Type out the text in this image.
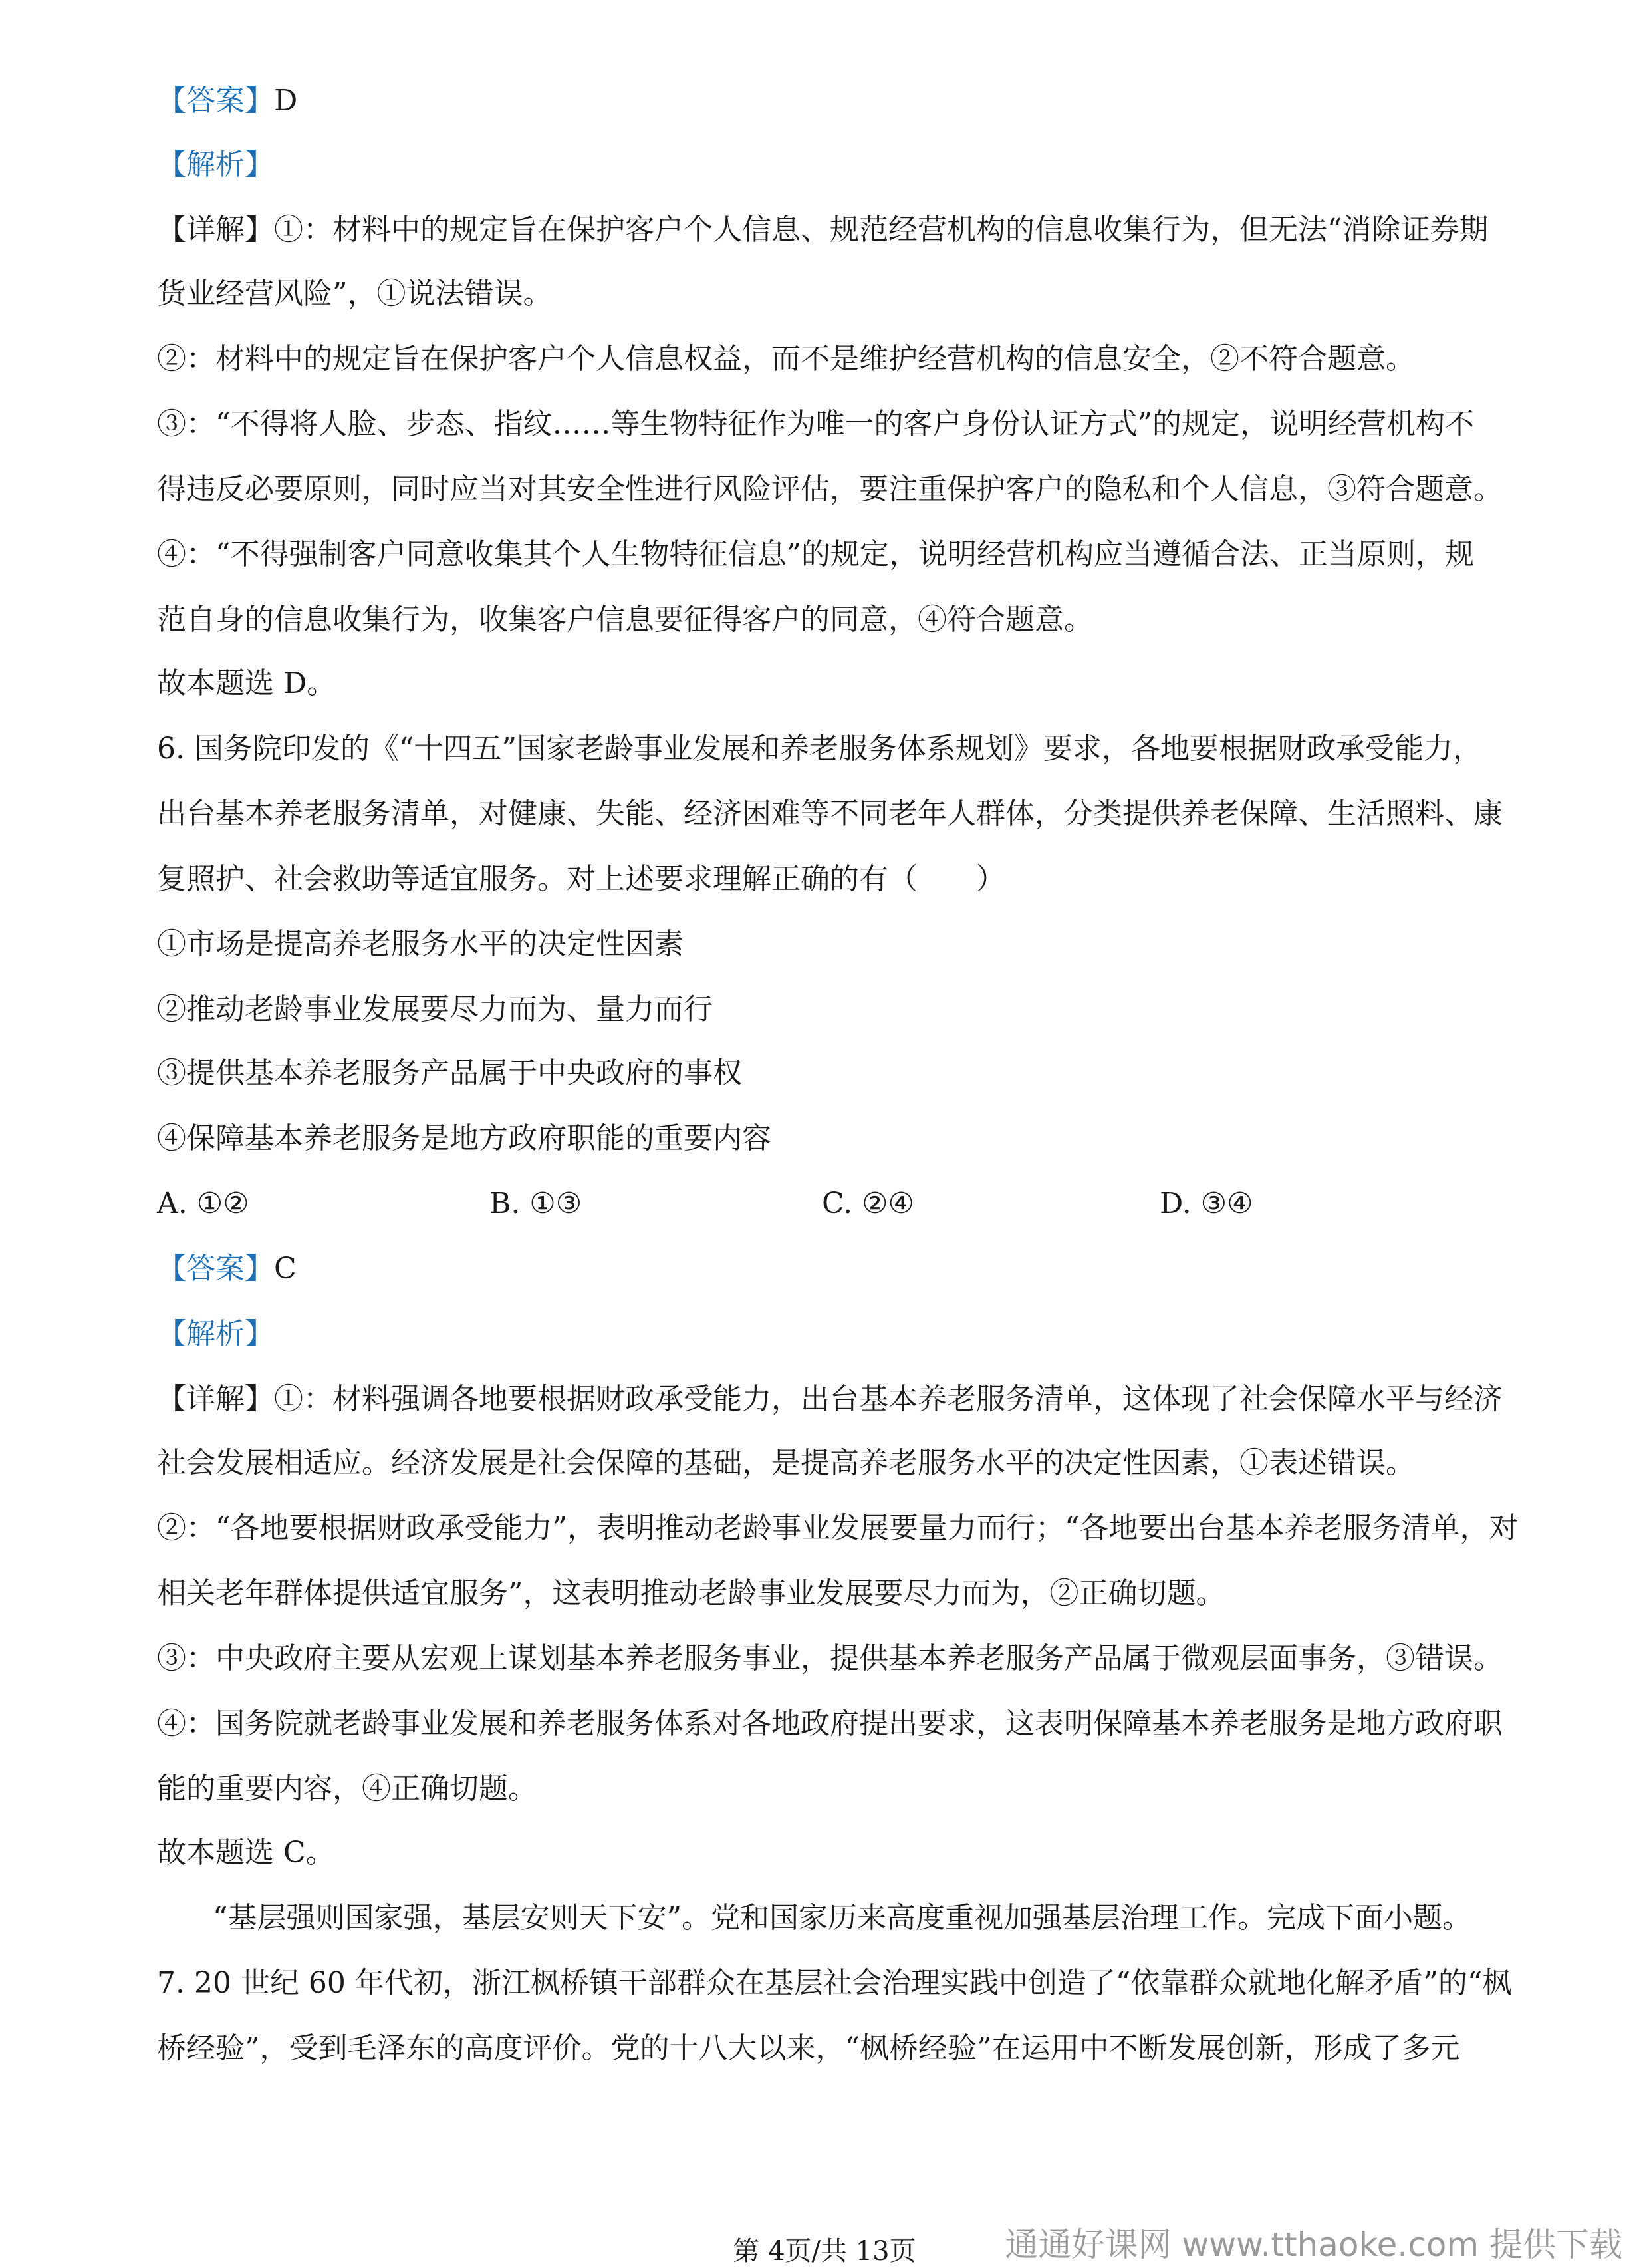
【答案】D
【解析】
【详解】①：材料中的规定旨在保护客户个人信息、规范经营机构的信息收集行为，但无法“消除证券期
货业经营风险”，①说法错误。
②：材料中的规定旨在保护客户个人信息权益，而不是维护经营机构的信息安全，②不符合题意。
③：“不得将人脸、步态、指纹……等生物特征作为唯一的客户身份认证方式”的规定，说明经营机构不
得违反必要原则，同时应当对其安全性进行风险评估，要注重保护客户的隐私和个人信息，③符合题意。
④：“不得强制客户同意收集其个人生物特征信息”的规定，说明经营机构应当遵循合法、正当原则，规
范自身的信息收集行为，收集客户信息要征得客户的同意，④符合题意。
故本题选 D。
6. 国务院印发的《“十四五”国家老龄事业发展和养老服务体系规划》要求，各地要根据财政承受能力，
出台基本养老服务清单，对健康、失能、经济困难等不同老年人群体，分类提供养老保障、生活照料、康
复照护、社会救助等适宜服务。对上述要求理解正确的有（　　）
①市场是提高养老服务水平的决定性因素
②推动老龄事业发展要尽力而为、量力而行
③提供基本养老服务产品属于中央政府的事权
④保障基本养老服务是地方政府职能的重要内容
A. ①②	B. ①③	C. ②④	D. ③④
【答案】C
【解析】
【详解】①：材料强调各地要根据财政承受能力，出台基本养老服务清单，这体现了社会保障水平与经济
社会发展相适应。经济发展是社会保障的基础，是提高养老服务水平的决定性因素，①表述错误。
②：“各地要根据财政承受能力”，表明推动老龄事业发展要量力而行；“各地要出台基本养老服务清单，对
相关老年群体提供适宜服务”，这表明推动老龄事业发展要尽力而为，②正确切题。
③：中央政府主要从宏观上谋划基本养老服务事业，提供基本养老服务产品属于微观层面事务，③错误。
④：国务院就老龄事业发展和养老服务体系对各地政府提出要求，这表明保障基本养老服务是地方政府职
能的重要内容，④正确切题。
故本题选 C。
“基层强则国家强，基层安则天下安”。党和国家历来高度重视加强基层治理工作。完成下面小题。
7. 20 世纪 60 年代初，浙江枫桥镇干部群众在基层社会治理实践中创造了“依靠群众就地化解矛盾”的“枫
桥经验”，受到毛泽东的高度评价。党的十八大以来，“枫桥经验”在运用中不断发展创新，形成了多元
第 4页/共 13页	通通好课网 www.tthaoke.com 提供下载
